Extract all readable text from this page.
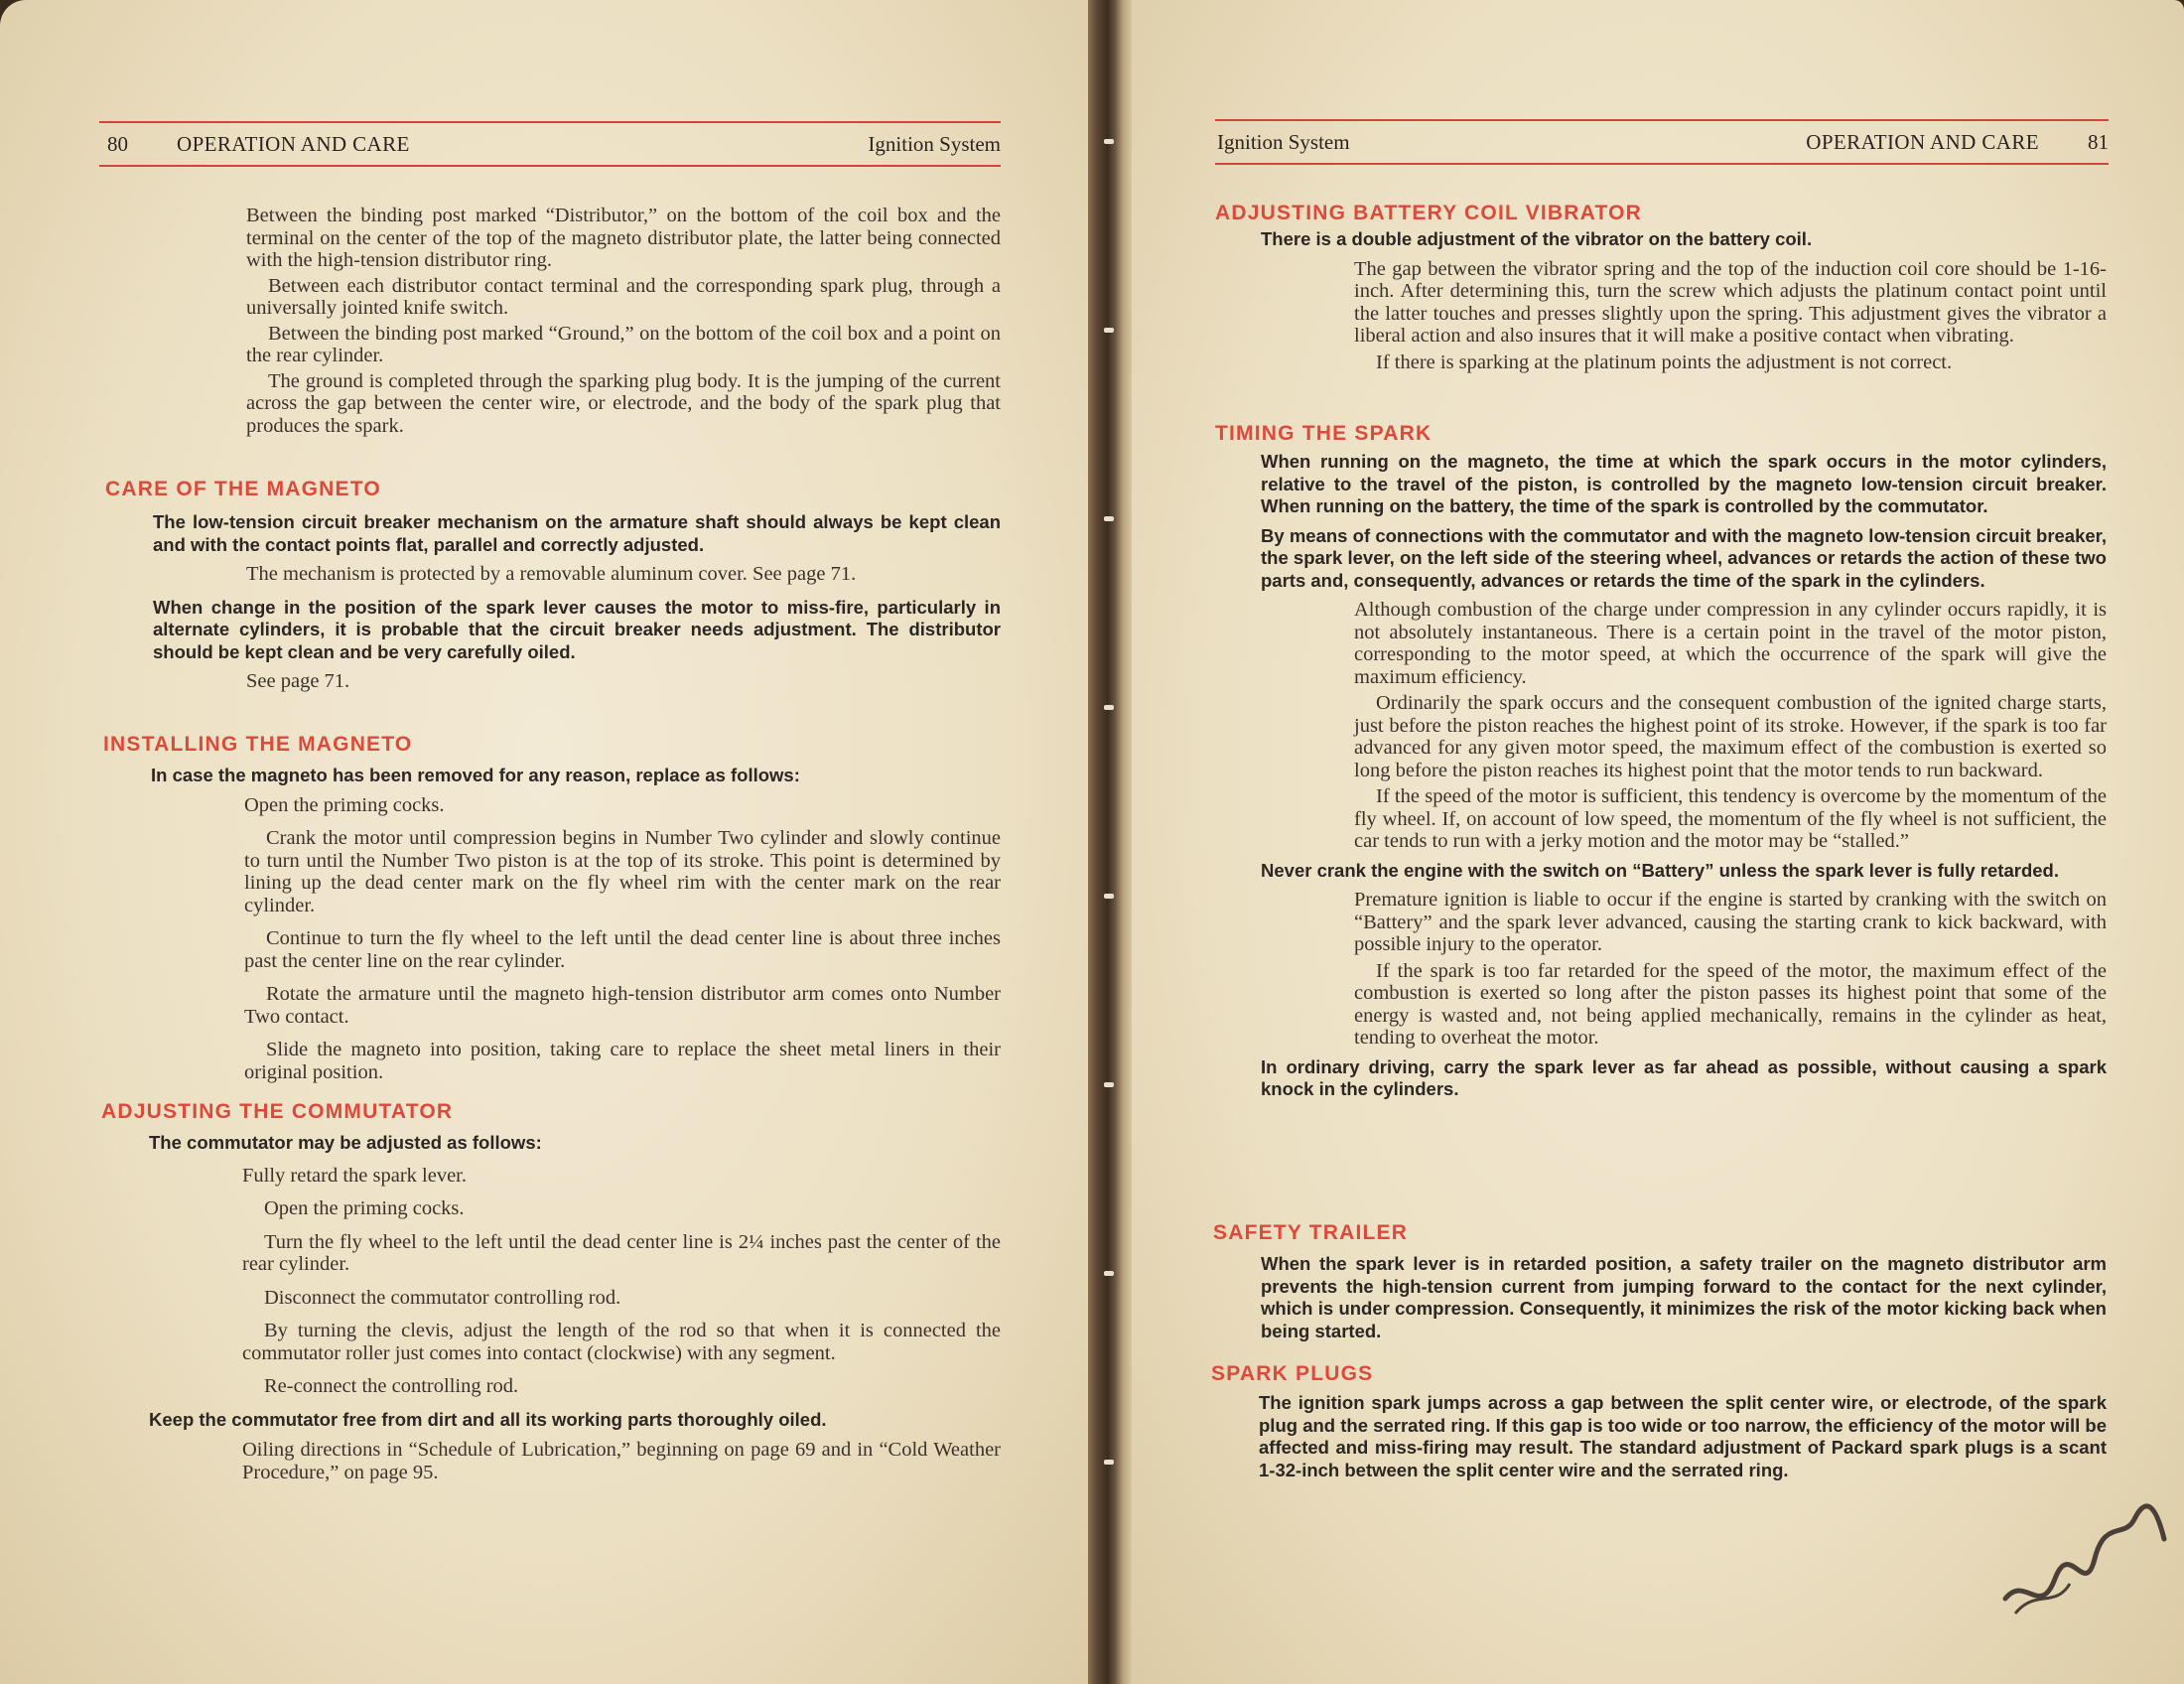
80 OPERATION AND CARE	Ignition System

Between the binding post marked “Distributor,” on the bottom of the coil box and the terminal on the center of the top of the magneto distributor plate, the latter being connected with the high-tension distributor ring.

Between each distributor contact terminal and the corresponding spark plug, through a universally jointed knife switch.

Between the binding post marked “Ground,” on the bottom of the coil box and a point on the rear cylinder.

The ground is completed through the sparking plug body. It is the jumping of the current across the gap between the center wire, or electrode, and the body of the spark plug that produces the spark.

CARE OF THE MAGNETO

The low-tension circuit breaker mechanism on the armature shaft should always be kept clean and with the contact points flat, parallel and correctly adjusted.

The mechanism is protected by a removable aluminum cover. See page 71.

When change in the position of the spark lever causes the motor to miss-fire, particularly in alternate cylinders, it is probable that the circuit breaker needs adjustment. The distributor should be kept clean and be very carefully oiled.

See page 71.

INSTALLING THE MAGNETO

In case the magneto has been removed for any reason, replace as follows:

Open the priming cocks.

Crank the motor until compression begins in Number Two cylinder and slowly continue to turn until the Number Two piston is at the top of its stroke. This point is determined by lining up the dead center mark on the fly wheel rim with the center mark on the rear cylinder.

Continue to turn the fly wheel to the left until the dead center line is about three inches past the center line on the rear cylinder.

Rotate the armature until the magneto high-tension distributor arm comes onto Number Two contact.

Slide the magneto into position, taking care to replace the sheet metal liners in their original position.

ADJUSTING THE COMMUTATOR

The commutator may be adjusted as follows:

Fully retard the spark lever.

Open the priming cocks.

Turn the fly wheel to the left until the dead center line is 2¼ inches past the center of the rear cylinder.

Disconnect the commutator controlling rod.

By turning the clevis, adjust the length of the rod so that when it is connected the commutator roller just comes into contact (clockwise) with any segment.

Re-connect the controlling rod.

Keep the commutator free from dirt and all its working parts thoroughly oiled.

Oiling directions in “Schedule of Lubrication,” beginning on page 69 and in “Cold Weather Procedure,” on page 95.

Ignition System	OPERATION AND CARE 81
ADJUSTING BATTERY COIL VIBRATOR

There is a double adjustment of the vibrator on the battery coil.

The gap between the vibrator spring and the top of the induction coil core should be 1-16-inch. After determining this, turn the screw which adjusts the platinum contact point until the latter touches and presses slightly upon the spring. This adjustment gives the vibrator a liberal action and also insures that it will make a positive contact when vibrating.

If there is sparking at the platinum points the adjustment is not correct.

TIMING THE SPARK

When running on the magneto, the time at which the spark occurs in the motor cylinders, relative to the travel of the piston, is controlled by the magneto low-tension circuit breaker. When running on the battery, the time of the spark is controlled by the commutator.

By means of connections with the commutator and with the magneto low-tension circuit breaker, the spark lever, on the left side of the steering wheel, advances or retards the action of these two parts and, consequently, advances or retards the time of the spark in the cylinders.

Although combustion of the charge under compression in any cylinder occurs rapidly, it is not absolutely instantaneous. There is a certain point in the travel of the motor piston, corresponding to the motor speed, at which the occurrence of the spark will give the maximum efficiency.

Ordinarily the spark occurs and the consequent combustion of the ignited charge starts, just before the piston reaches the highest point of its stroke. However, if the spark is too far advanced for any given motor speed, the maximum effect of the combustion is exerted so long before the piston reaches its highest point that the motor tends to run backward.

If the speed of the motor is sufficient, this tendency is overcome by the momentum of the fly wheel. If, on account of low speed, the momentum of the fly wheel is not sufficient, the car tends to run with a jerky motion and the motor may be “stalled.”

Never crank the engine with the switch on “Battery” unless the spark lever is fully retarded.

Premature ignition is liable to occur if the engine is started by cranking with the switch on “Battery” and the spark lever advanced, causing the starting crank to kick backward, with possible injury to the operator.

If the spark is too far retarded for the speed of the motor, the maximum effect of the combustion is exerted so long after the piston passes its highest point that some of the energy is wasted and, not being applied mechanically, remains in the cylinder as heat, tending to overheat the motor.

In ordinary driving, carry the spark lever as far ahead as possible, without causing a spark knock in the cylinders.

SAFETY TRAILER

When the spark lever is in retarded position, a safety trailer on the magneto distributor arm prevents the high-tension current from jumping forward to the contact for the next cylinder, which is under compression. Consequently, it minimizes the risk of the motor kicking back when being started.

SPARK PLUGS

The ignition spark jumps across a gap between the split center wire, or electrode, of the spark plug and the serrated ring. If this gap is too wide or too narrow, the efficiency of the motor will be affected and miss-firing may result. The standard adjustment of Packard spark plugs is a scant 1-32-inch between the split center wire and the serrated ring.
